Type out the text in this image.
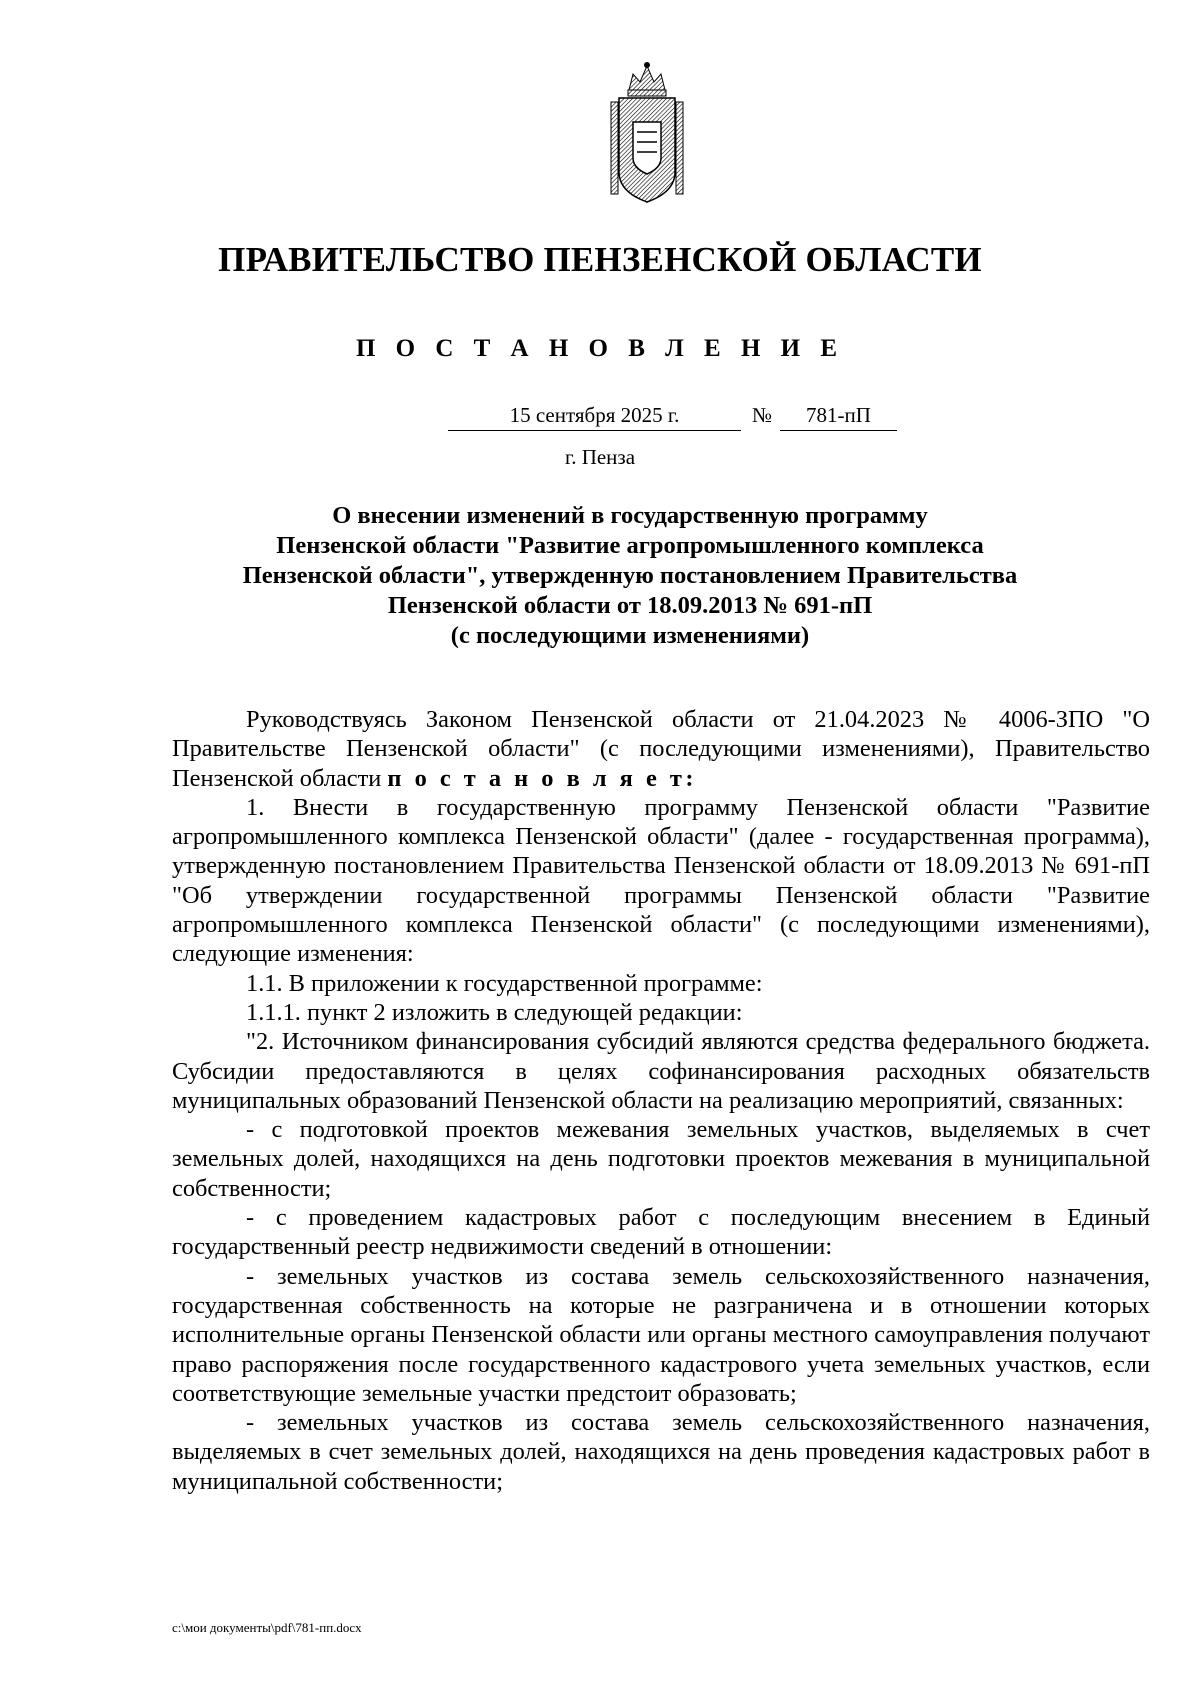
ПРАВИТЕЛЬСТВО ПЕНЗЕНСКОЙ ОБЛАСТИ
П О С Т А Н О В Л Е Н И Е
15 сентября 2025 г.	№	781-пП
г. Пенза
О внесении изменений в государственную программу
Пензенской области "Развитие агропромышленного комплекса
Пензенской области", утвержденную постановлением Правительства
Пензенской области от 18.09.2013 № 691-пП
(с последующими изменениями)

Руководствуясь Законом Пензенской области от 21.04.2023 № 4006-ЗПО "О Правительстве Пензенской области" (с последующими изменениями), Правительство Пензенской области п о с т а н о в л я е т:

1. Внести в государственную программу Пензенской области "Развитие агропромышленного комплекса Пензенской области" (далее - государственная программа), утвержденную постановлением Правительства Пензенской области от 18.09.2013 № 691-пП "Об утверждении государственной программы Пензенской области "Развитие агропромышленного комплекса Пензенской области" (с последующими изменениями), следующие изменения:

1.1. В приложении к государственной программе:

1.1.1. пункт 2 изложить в следующей редакции:

"2. Источником финансирования субсидий являются средства федерального бюджета. Субсидии предоставляются в целях софинансирования расходных обязательств муниципальных образований Пензенской области на реализацию мероприятий, связанных:

- с подготовкой проектов межевания земельных участков, выделяемых в счет земельных долей, находящихся на день подготовки проектов межевания в муниципальной собственности;

- с проведением кадастровых работ с последующим внесением в Единый государственный реестр недвижимости сведений в отношении:

- земельных участков из состава земель сельскохозяйственного назначения, государственная собственность на которые не разграничена и в отношении которых исполнительные органы Пензенской области или органы местного самоуправления получают право распоряжения после государственного кадастрового учета земельных участков, если соответствующие земельные участки предстоит образовать;

- земельных участков из состава земель сельскохозяйственного назначения, выделяемых в счет земельных долей, находящихся на день проведения кадастровых работ в муниципальной собственности;

c:\мои документы\pdf\781-пп.docx
